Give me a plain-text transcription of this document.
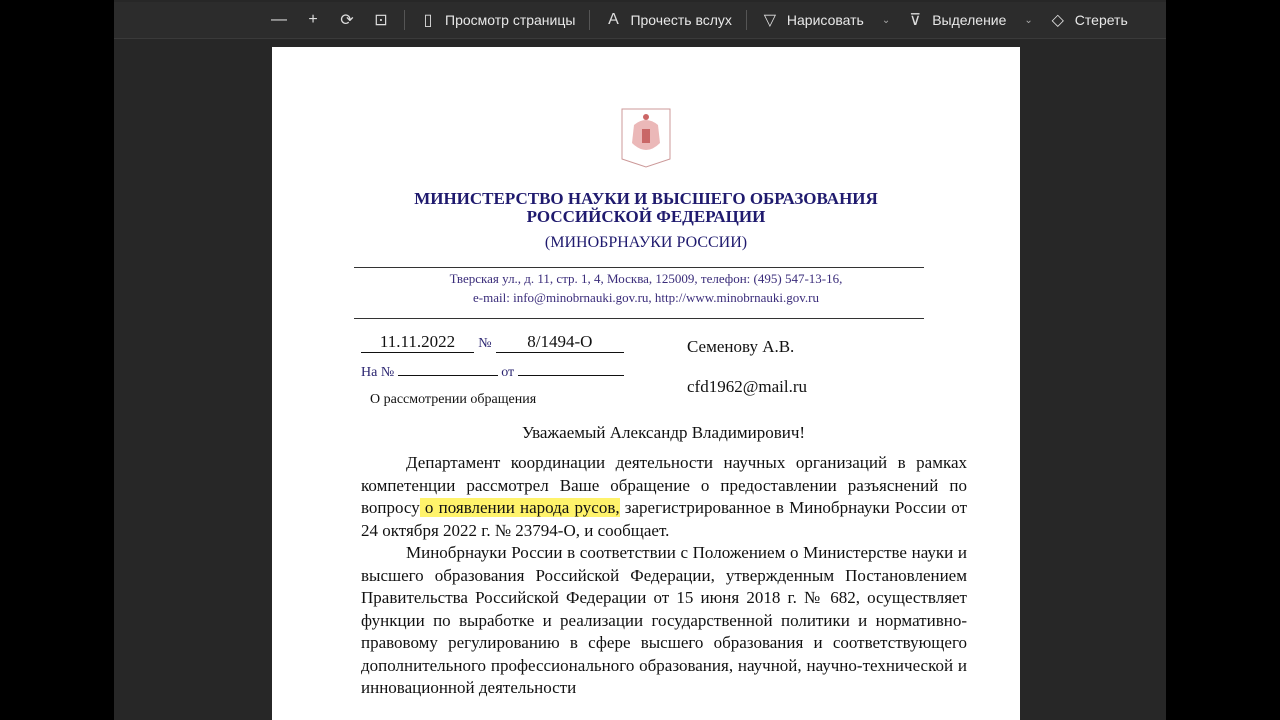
— + ⟳ ⊡ ▯ Просмотр страницы A Прочесть вслух ▽ Нарисовать ⌄ ⊽ Выделение ⌄ ◇ Стереть
МИНИСТЕРСТВО НАУКИ И ВЫСШЕГО ОБРАЗОВАНИЯ
РОССИЙСКОЙ ФЕДЕРАЦИИ
(МИНОБРНАУКИ РОССИИ)
Тверская ул., д. 11, стр. 1, 4, Москва, 125009, телефон: (495) 547-13-16,
e-mail: info@minobrnauki.gov.ru, http://www.minobrnauki.gov.ru
11.11.2022 № 8/1494-О
На №	от
О рассмотрении обращения
Семенову А.В.
cfd1962@mail.ru
Уважаемый Александр Владимирович!

Департамент координации деятельности научных организаций в рамках компетенции рассмотрел Ваше обращение о предоставлении разъяснений по вопросу о появлении народа русов, зарегистрированное в Минобрнауки России от 24 октября 2022 г. № 23794-О, и сообщает.

Минобрнауки России в соответствии с Положением о Министерстве науки и высшего образования Российской Федерации, утвержденным Постановлением Правительства Российской Федерации от 15 июня 2018 г. № 682, осуществляет функции по выработке и реализации государственной политики и нормативно-правовому регулированию в сфере высшего образования и соответствующего дополнительного профессионального образования, научной, научно-технической и инновационной деятельности
